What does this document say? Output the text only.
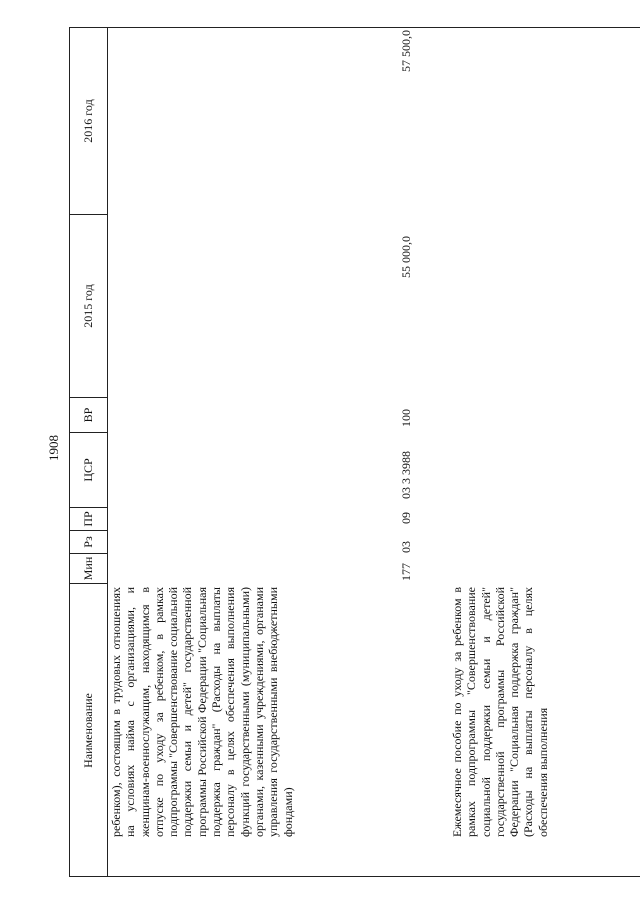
1908
Наименование
Мин
Рз
ПР
ЦСР
ВР
2015 год
2016 год
ребенком), состоящим в трудовых отношениях на условиях найма с организациями, и женщинам-военнослужащим, находящимся в отпуске по уходу за ребенком, в рамках подпрограммы "Совершенствование социальной поддержки семьи и детей" государственной программы Российской Федерации "Социальная поддержка граждан" (Расходы на выплаты персоналу в целях обеспечения выполнения функций государственными (муниципальными) органами, казенными учреждениями, органами управления государственными внебюджетными фондами)
177
03
09
03 3 3988
100
55 000,0
57 500,0
Ежемесячное пособие по уходу за ребенком в рамках подпрограммы "Совершенствование социальной поддержки семьи и детей" государственной программы Российской Федерации "Социальная поддержка граждан" (Расходы на выплаты персоналу в целях обеспечения выполнения
